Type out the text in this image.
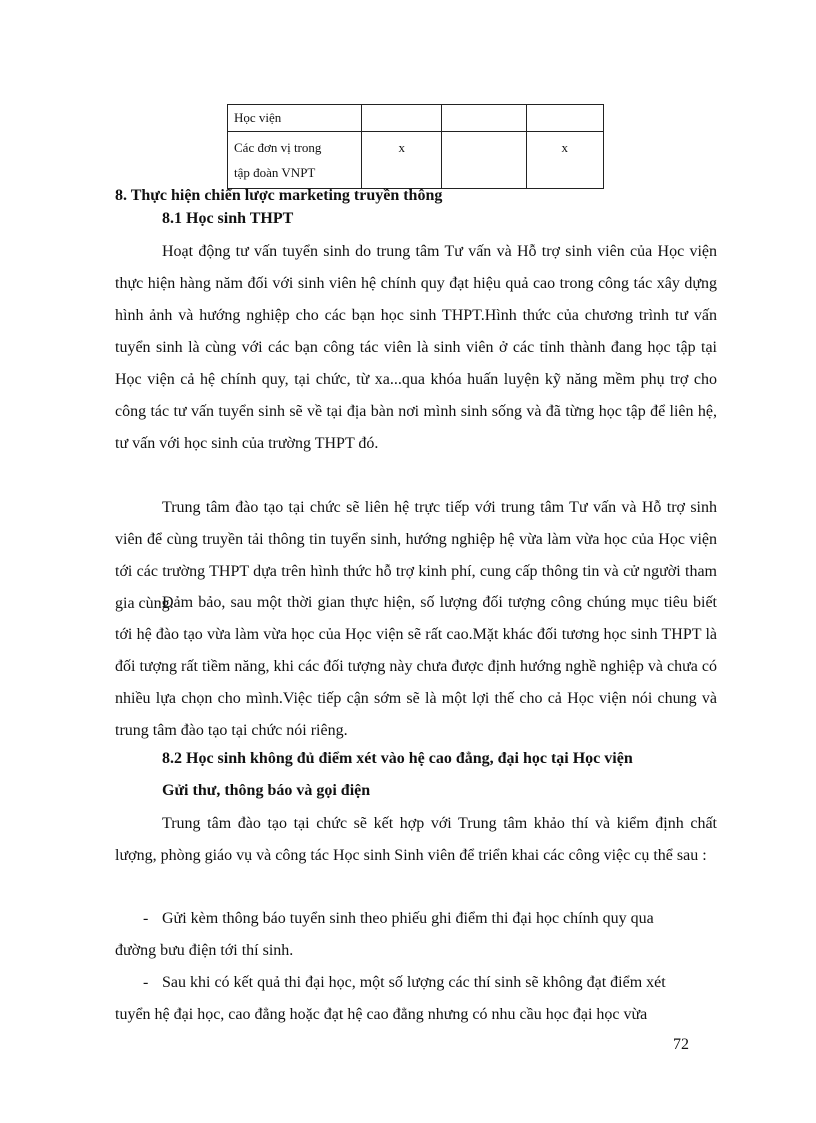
Học viện			
Các đơn vị trong
tập đoàn VNPT	x		x
8. Thực hiện chiến lược marketing truyền thông
8.1 Học sinh THPT
Hoạt động tư vấn tuyển sinh do trung tâm Tư vấn và Hỗ trợ sinh viên của Học viện thực hiện hàng năm đối với sinh viên hệ chính quy đạt hiệu quả cao trong công tác xây dựng hình ảnh và hướng nghiệp cho các bạn học sinh THPT.Hình thức của chương trình tư vấn tuyển sinh là cùng với các bạn công tác viên là sinh viên ở các tỉnh thành đang học tập tại Học viện cả hệ chính quy, tại chức, từ xa...qua khóa huấn luyện kỹ năng mềm phụ trợ cho công tác tư vấn tuyển sinh sẽ về tại địa bàn nơi mình sinh sống và đã từng học tập để liên hệ, tư vấn với học sinh của trường THPT đó.
Trung tâm đào tạo tại chức sẽ liên hệ trực tiếp với trung tâm Tư vấn và Hỗ trợ sinh viên để cùng truyền tải thông tin tuyển sinh, hướng nghiệp hệ vừa làm vừa học của Học viện tới các trường THPT dựa trên hình thức hỗ trợ kinh phí, cung cấp thông tin và cử người tham gia cùng.
Đảm bảo, sau một thời gian thực hiện, số lượng đối tượng công chúng mục tiêu biết tới hệ đào tạo vừa làm vừa học của Học viện sẽ rất cao.Mặt khác đối tương học sinh THPT là đối tượng rất tiềm năng, khi các đối tượng này chưa được định hướng nghề nghiệp và chưa có nhiều lựa chọn cho mình.Việc tiếp cận sớm sẽ là một lợi thế cho cả Học viện nói chung và trung tâm đào tạo tại chức nói riêng.
8.2 Học sinh không đủ điểm xét vào hệ cao đẳng, đại học tại Học viện
Gửi thư, thông báo và gọi điện
Trung tâm đào tạo tại chức sẽ kết hợp với Trung tâm khảo thí và kiểm định chất lượng, phòng giáo vụ và công tác Học sinh Sinh viên để triển khai các công việc cụ thể sau :
- Gửi kèm thông báo tuyển sinh theo phiếu ghi điểm thi đại học chính quy qua
đường bưu điện tới thí sinh.
- Sau khi có kết quả thi đại học, một số lượng các thí sinh sẽ không đạt điểm xét
tuyển hệ đại học, cao đẳng hoặc đạt hệ cao đẳng nhưng có nhu cầu học đại học vừa
72
